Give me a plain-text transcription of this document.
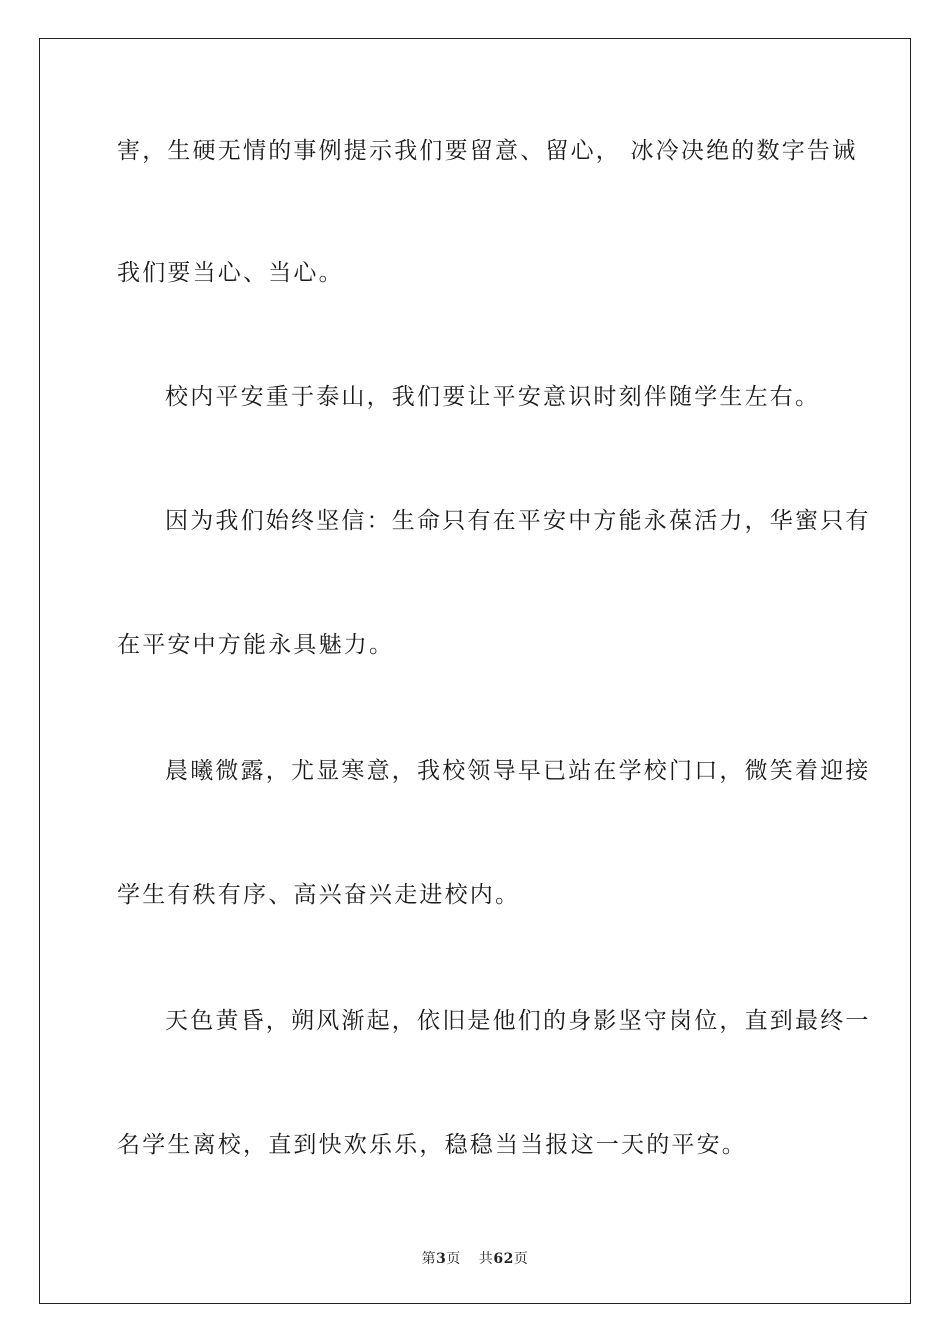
害，生硬无情的事例提示我们要留意、留心， 冰冷决绝的数字告诫
我们要当心、当心。
校内平安重于泰山，我们要让平安意识时刻伴随学生左右。
因为我们始终坚信：生命只有在平安中方能永葆活力，华蜜只有
在平安中方能永具魅力。
晨曦微露，尤显寒意，我校领导早已站在学校门口，微笑着迎接
学生有秩有序、高兴奋兴走进校内。
天色黄昏，朔风渐起，依旧是他们的身影坚守岗位，直到最终一
名学生离校，直到快欢乐乐，稳稳当当报这一天的平安。
第3页 共62页
